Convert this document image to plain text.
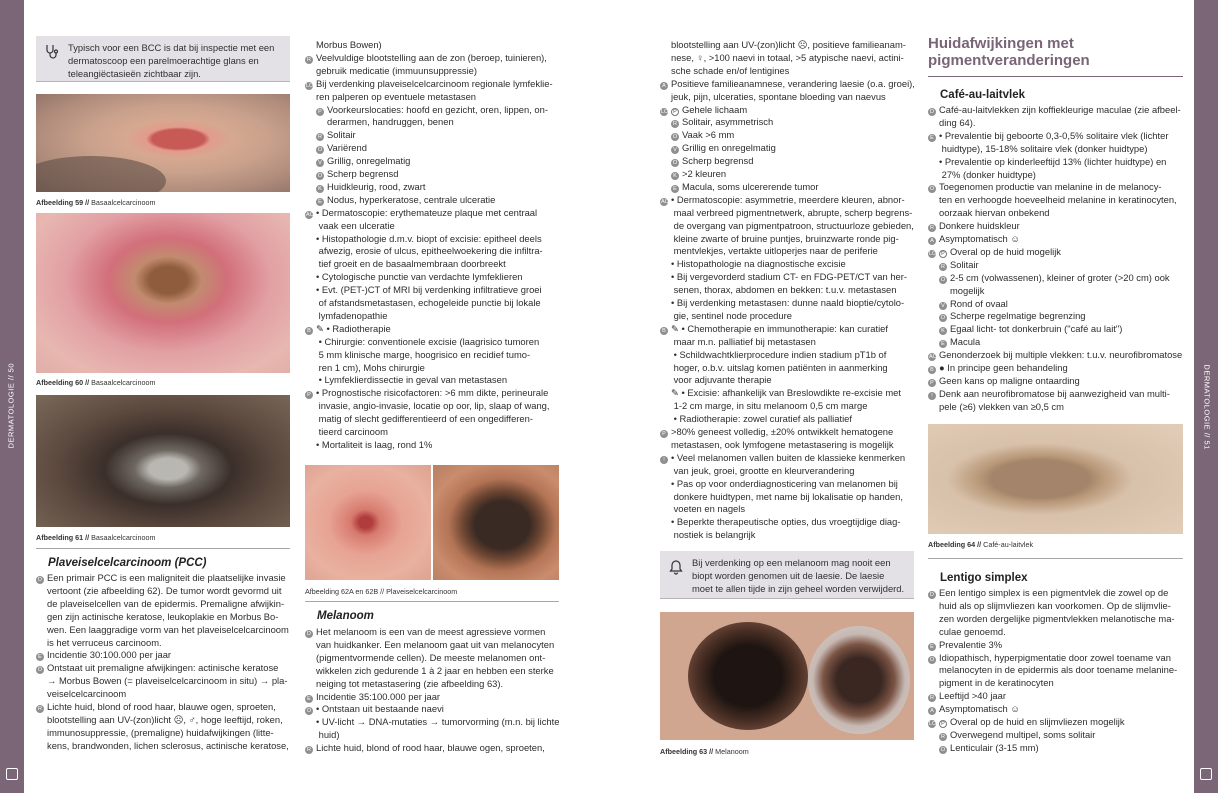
DERMATOLOGIE // 50	DERMATOLOGIE // 51
Typisch voor een BCC is dat bij inspectie met een dermatoscoop een parelmoerachtige glans en teleangiëctasieën zichtbaar zijn.
Afbeelding 59 // Basaalcelcarcinoom
Afbeelding 60 // Basaalcelcarcinoom
Afbeelding 61 // Basaalcelcarcinoom
Plaveiselcelcarcinoom (PCC)
D Een primair PCC is een maligniteit die plaatselijke invasie
vertoont (zie afbeelding 62). De tumor wordt gevormd uit
de plaveiselcellen van de epidermis. Premaligne afwijkin-
gen zijn actinische keratose, leukoplakie en Morbus Bo-
wen. Een laaggradige vorm van het plaveiselcelcarcinoom
is het verruceus carcinoom.
E Incidentie 30:100.000 per jaar
O Ontstaat uit premaligne afwijkingen: actinische keratose
→ Morbus Bowen (= plaveiselcelcarcinoom in situ) → pla-
veiselcelcarcinoom
R Lichte huid, blond of rood haar, blauwe ogen, sproeten,
blootstelling aan UV-(zon)licht ☹, ♂, hoge leeftijd, roken,
immunosuppressie, (premaligne) huidafwijkingen (litte-
kens, brandwonden, lichen sclerosus, actinische keratose,
Morbus Bowen)
R Veelvuldige blootstelling aan de zon (beroep, tuinieren),
gebruik medicatie (immuunsuppressie)
LO Bij verdenking plaveiselcelcarcinoom regionale lymfeklie-
ren palperen op eventuele metastasen
P Voorkeurslocaties: hoofd en gezicht, oren, lippen, on-
derarmen, handruggen, benen
R Solitair
O Variërend
V Grillig, onregelmatig
O Scherp begrensd
K Huidkleurig, rood, zwart
E Nodus, hyperkeratose, centrale ulceratie
AO • Dermatoscopie: erythemateuze plaque met centraal
vaak een ulceratie
• Histopathologie d.m.v. biopt of excisie: epitheel deels
afwezig, erosie of ulcus, epitheelwoekering die infiltra-
tief groeit en de basaalmembraan doorbreekt
• Cytologische punctie van verdachte lymfeklieren
• Evt. (PET-)CT of MRI bij verdenking infiltratieve groei
of afstandsmetastasen, echogeleide punctie bij lokale
lymfadenopathie
B ✎ • Radiotherapie
• Chirurgie: conventionele excisie (laagrisico tumoren
5 mm klinische marge, hoogrisico en recidief tumo-
ren 1 cm), Mohs chirurgie
• Lymfeklierdissectie in geval van metastasen
P • Prognostische risicofactoren: >6 mm dikte, perineurale
invasie, angio-invasie, locatie op oor, lip, slaap of wang,
matig of slecht gedifferentieerd of een ongedifferen-
tieerd carcinoom
• Mortaliteit is laag, rond 1%
Afbeelding 62A en 62B // Plaveiselcelcarcinoom
Melanoom
D Het melanoom is een van de meest agressieve vormen
van huidkanker. Een melanoom gaat uit van melanocyten
(pigmentvormende cellen). De meeste melanomen ont-
wikkelen zich gedurende 1 à 2 jaar en hebben een sterke
neiging tot metastasering (zie afbeelding 63).
E Incidentie 35:100.000 per jaar
O • Ontstaan uit bestaande naevi
• UV-licht → DNA-mutaties → tumorvorming (m.n. bij lichte
huid)
R Lichte huid, blond of rood haar, blauwe ogen, sproeten,
blootstelling aan UV-(zon)licht ☹, positieve familieanam-
nese, ♀, >100 naevi in totaal, >5 atypische naevi, actini-
sche schade en/of lentigines
A Positieve familieanamnese, verandering laesie (o.a. groei),
jeuk, pijn, ulceraties, spontane bloeding van naevus
LO P Gehele lichaam
R Solitair, asymmetrisch
O Vaak >6 mm
V Grillig en onregelmatig
O Scherp begrensd
K >2 kleuren
E Macula, soms ulcererende tumor
AO • Dermatoscopie: asymmetrie, meerdere kleuren, abnor-
maal verbreed pigmentnetwerk, abrupte, scherp begrens-
de overgang van pigmentpatroon, structuurloze gebieden,
kleine zwarte of bruine puntjes, bruinzwarte ronde pig-
mentvlekjes, vertakte uitloperjes naar de periferie
• Histopathologie na diagnostische excisie
• Bij vergevorderd stadium CT- en FDG-PET/CT van her-
senen, thorax, abdomen en bekken: t.u.v. metastasen
• Bij verdenking metastasen: dunne naald bioptie/cytolo-
gie, sentinel node procedure
B ✎ • Chemotherapie en immunotherapie: kan curatief
maar m.n. palliatief bij metastasen
• Schildwachtklierprocedure indien stadium pT1b of
hoger, o.b.v. uitslag komen patiënten in aanmerking
voor adjuvante therapie
✎ • Excisie: afhankelijk van Breslowdikte re-excisie met
1-2 cm marge, in situ melanoom 0,5 cm marge
• Radiotherapie: zowel curatief als palliatief
P >80% geneest volledig, ±20% ontwikkelt hematogene
metastasen, ook lymfogene metastasering is mogelijk
! • Veel melanomen vallen buiten de klassieke kenmerken
van jeuk, groei, grootte en kleurverandering
• Pas op voor onderdiagnosticering van melanomen bij
donkere huidtypen, met name bij lokalisatie op handen,
voeten en nagels
• Beperkte therapeutische opties, dus vroegtijdige diag-
nostiek is belangrijk
Bij verdenking op een melanoom mag nooit een biopt worden genomen uit de laesie. De laesie moet te allen tijde in zijn geheel worden verwijderd.
Afbeelding 63 // Melanoom
Huidafwijkingen met
pigmentveranderingen
Café-au-laitvlek
D Café-au-laitvlekken zijn koffiekleurige maculae (zie afbeel-
ding 64).
E • Prevalentie bij geboorte 0,3-0,5% solitaire vlek (lichter
huidtype), 15-18% solitaire vlek (donker huidtype)
• Prevalentie op kinderleeftijd 13% (lichter huidtype) en
27% (donker huidtype)
O Toegenomen productie van melanine in de melanocy-
ten en verhoogde hoeveelheid melanine in keratinocyten,
oorzaak hiervan onbekend
R Donkere huidskleur
A Asymptomatisch ☺
LO P Overal op de huid mogelijk
R Solitair
O 2-5 cm (volwassenen), kleiner of groter (>20 cm) ook
mogelijk
V Rond of ovaal
O Scherpe regelmatige begrenzing
K Egaal licht- tot donkerbruin ("café au lait")
E Macula
AO Genonderzoek bij multiple vlekken: t.u.v. neurofibromatose
B ● In principe geen behandeling
P Geen kans op maligne ontaarding
! Denk aan neurofibromatose bij aanwezigheid van multi-
pele (≥6) vlekken van ≥0,5 cm
Afbeelding 64 // Café-au-laitvlek
Lentigo simplex
D Een lentigo simplex is een pigmentvlek die zowel op de
huid als op slijmvliezen kan voorkomen. Op de slijmvlie-
zen worden dergelijke pigmentvlekken melanotische ma-
culae genoemd.
E Prevalentie 3%
O Idiopathisch, hyperpigmentatie door zowel toename van
melanocyten in de epidermis als door toename melanine-
pigment in de keratinocyten
R Leeftijd >40 jaar
A Asymptomatisch ☺
LO P Overal op de huid en slijmvliezen mogelijk
R Overwegend multipel, soms solitair
O Lenticulair (3-15 mm)
